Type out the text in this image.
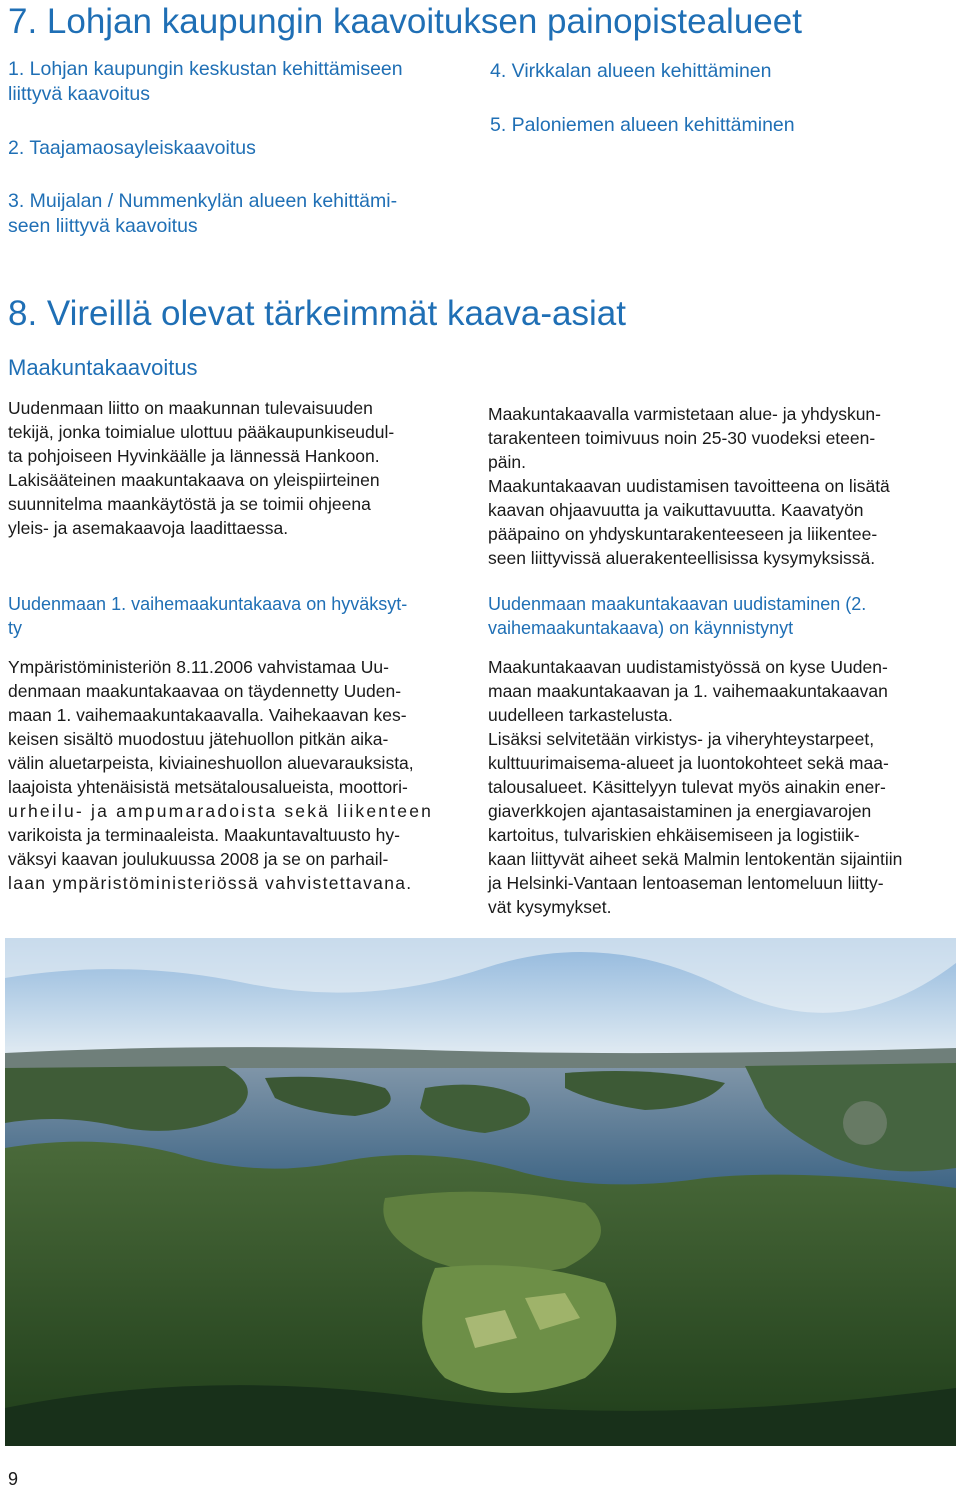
7. Lohjan kaupungin kaavoituksen painopistealueet
1. Lohjan kaupungin keskustan kehittämiseen
liittyvä kaavoitus
2. Taajamaosayleiskaavoitus
3. Muijalan / Nummenkylän alueen kehittämi-
seen liittyvä kaavoitus
4. Virkkalan alueen kehittäminen
5. Paloniemen alueen kehittäminen
8. Vireillä olevat tärkeimmät kaava-asiat
Maakuntakaavoitus
Uudenmaan liitto on maakunnan tulevaisuuden
tekijä, jonka toimialue ulottuu pääkaupunkiseudul-
ta pohjoiseen Hyvinkäälle ja lännessä Hankoon.
Lakisääteinen maakuntakaava on yleispiirteinen
suunnitelma maankäytöstä ja se toimii ohjeena
yleis- ja asemakaavoja laadittaessa.
Maakuntakaavalla varmistetaan alue- ja yhdyskun-
tarakenteen toimivuus noin 25-30 vuodeksi eteen-
päin.
Maakuntakaavan uudistamisen tavoitteena on lisätä
kaavan ohjaavuutta ja vaikuttavuutta. Kaavatyön
pääpaino on yhdyskuntarakenteeseen ja liikentee-
seen liittyvissä aluerakenteellisissa kysymyksissä.
Uudenmaan 1. vaihemaakuntakaava on hyväksyt-
ty
Uudenmaan maakuntakaavan uudistaminen (2.
vaihemaakuntakaava) on käynnistynyt
Ympäristöministeriön 8.11.2006 vahvistamaa Uu-
denmaan maakuntakaavaa on täydennetty Uuden-
maan 1. vaihemaakuntakaavalla. Vaihekaavan kes-
keisen sisältö muodostuu jätehuollon pitkän aika-
välin aluetarpeista, kiviaineshuollon aluevarauksista,
laajoista yhtenäisistä metsätalousalueista, moottori-
urheilu- ja ampumaradoista sekä liikenteen
varikoista ja terminaaleista. Maakuntavaltuusto hy-
väksyi kaavan joulukuussa 2008 ja se on parhail-
laan ympäristöministeriössä vahvistettavana.
Maakuntakaavan uudistamistyössä on kyse Uuden-
maan maakuntakaavan ja 1. vaihemaakuntakaavan
uudelleen tarkastelusta.
Lisäksi selvitetään virkistys- ja viheryhteystarpeet,
kulttuurimaisema-alueet ja luontokohteet sekä maa-
talousalueet. Käsittelyyn tulevat myös ainakin ener-
giaverkkojen ajantasaistaminen ja energiavarojen
kartoitus, tulvariskien ehkäisemiseen ja logistiik-
kaan liittyvät aiheet sekä Malmin lentokentän sijaintiin
ja Helsinki-Vantaan lentoaseman lentomeluun liitty-
vät kysymykset.
9
